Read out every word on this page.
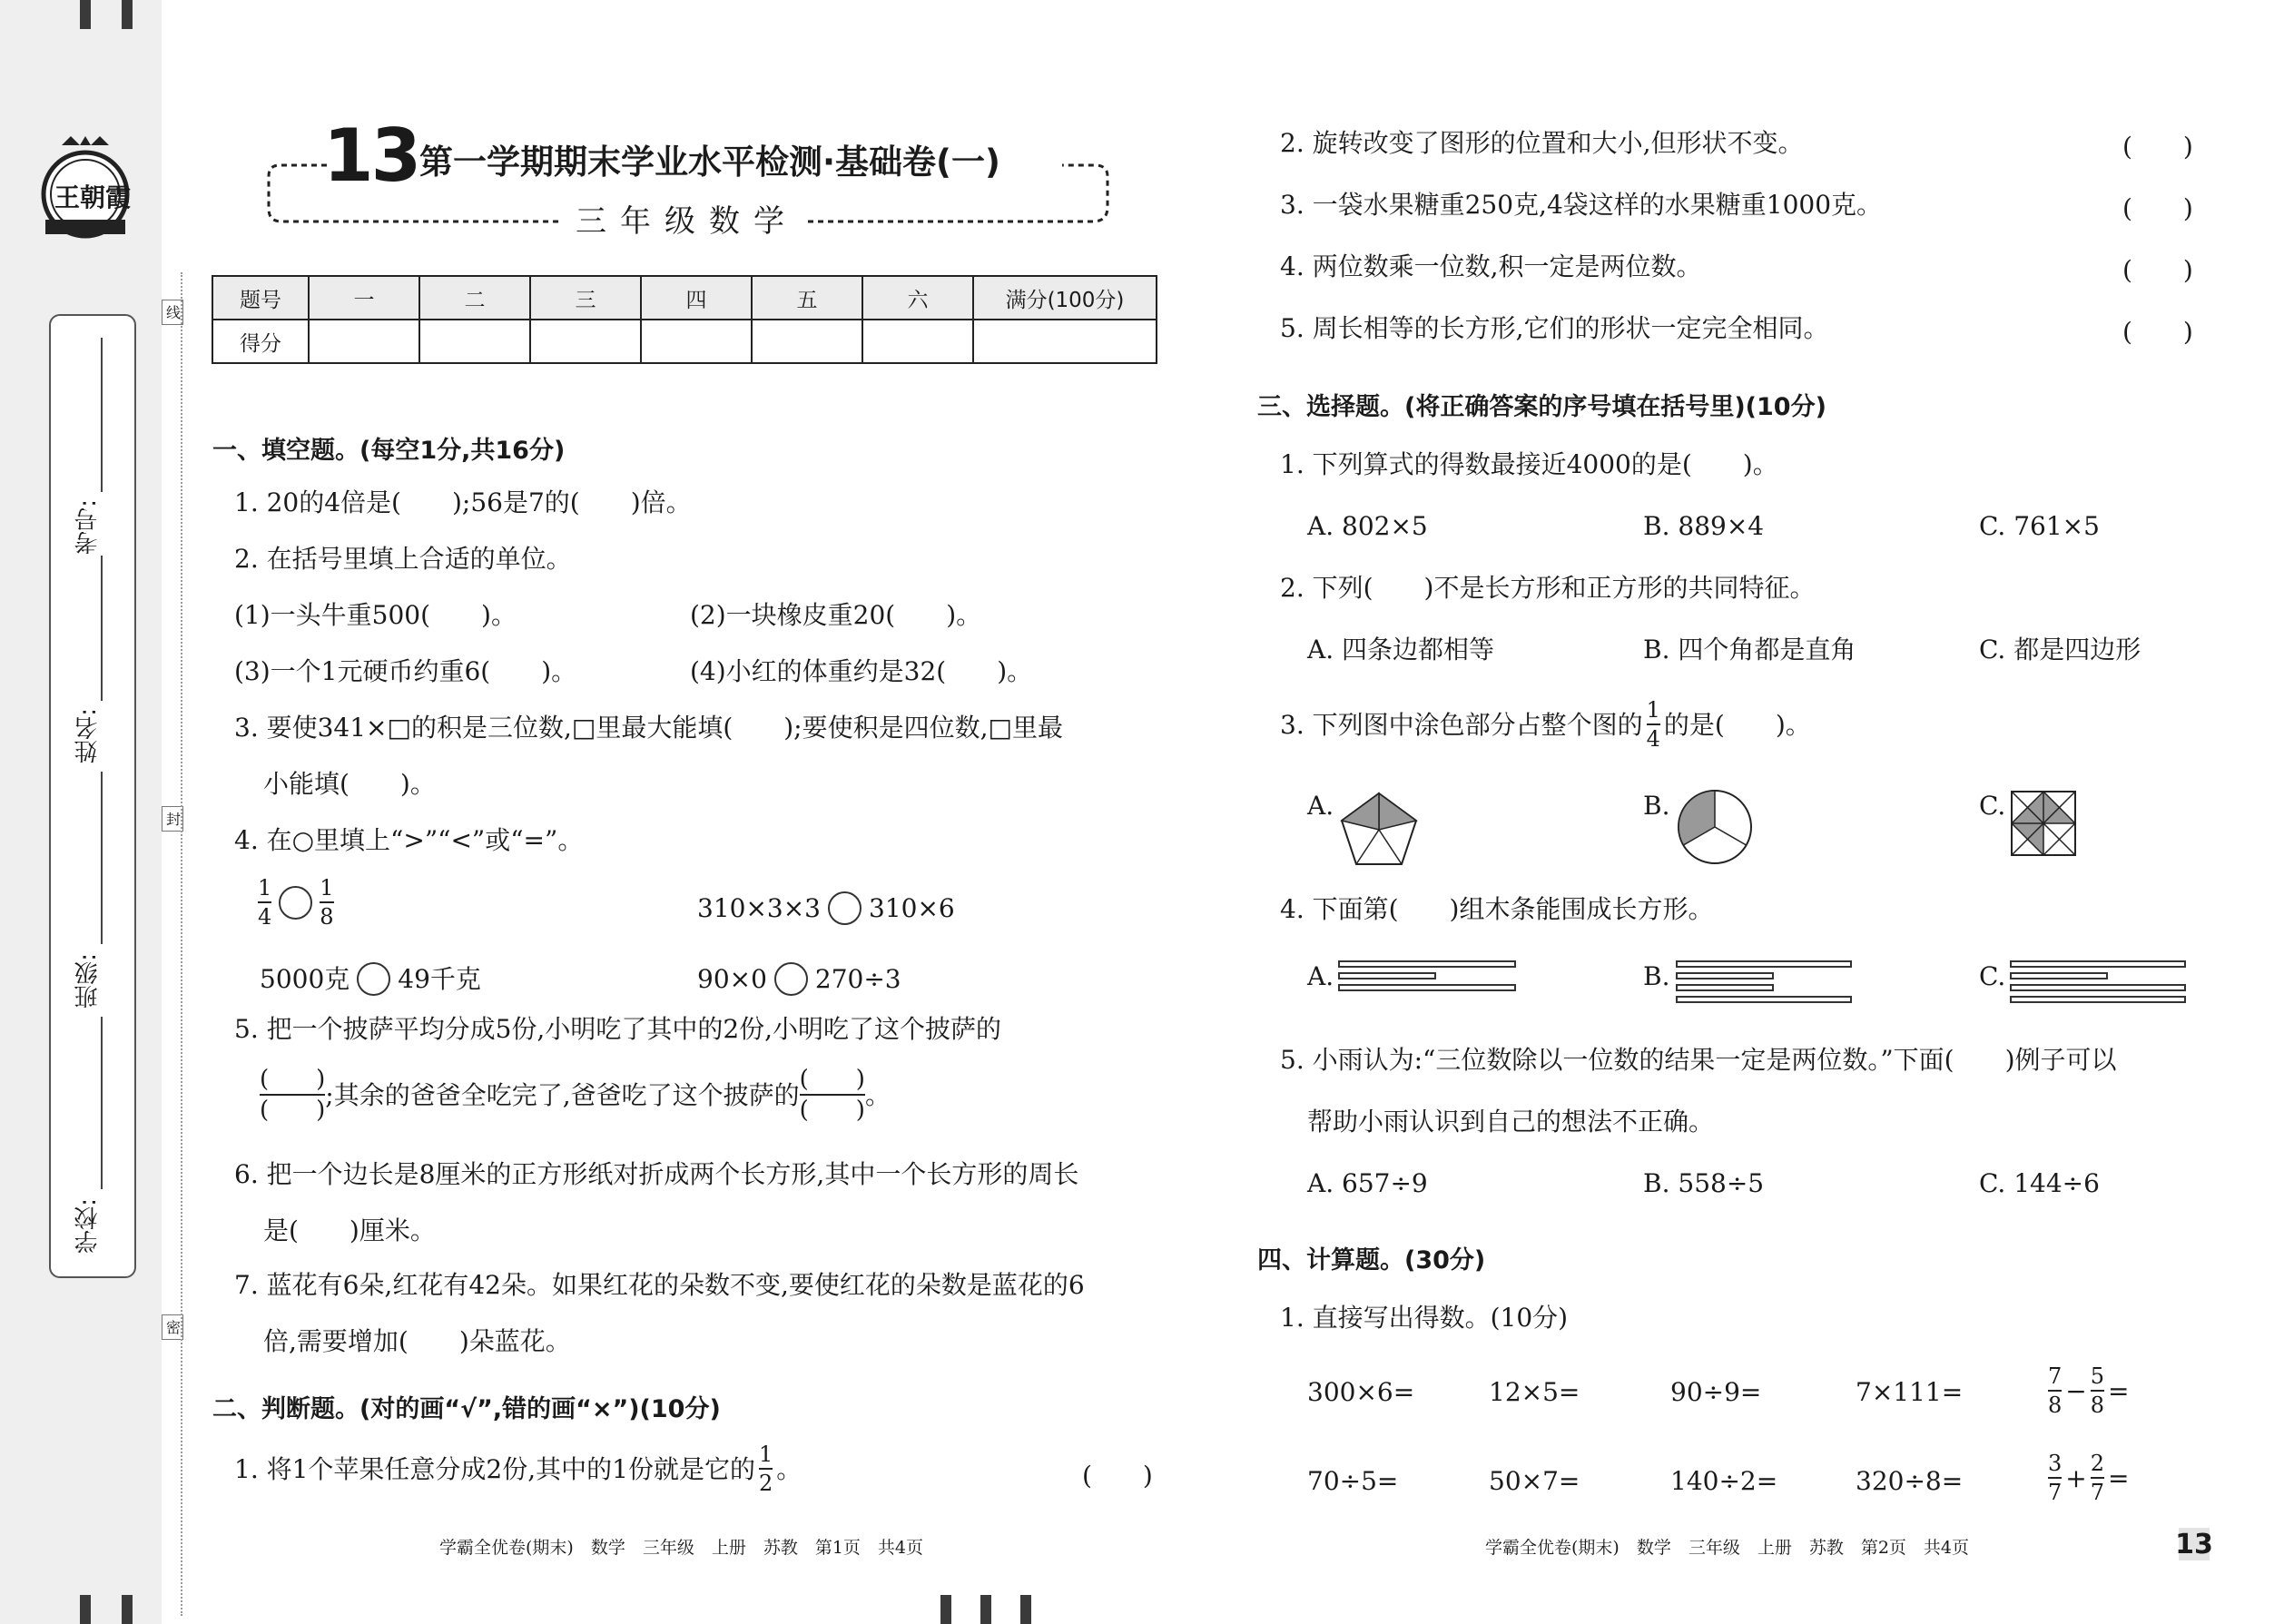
王朝霞
考号:
姓名:
班级:
学校:
线
封
密
13 第一学期期末学业水平检测·基础卷(一)
三年级数学
题号	一	二	三	四	五	六	满分(100分)
得分							
一、填空题。(每空1分,共16分)
1. 20的4倍是(　　);56是7的(　　)倍。
2. 在括号里填上合适的单位。
(1)一头牛重500(　　)。	(2)一块橡皮重20(　　)。
(3)一个1元硬币约重6(　　)。	(4)小红的体重约是32(　　)。
3. 要使341×□的积是三位数,□里最大能填(　　);要使积是四位数,□里最
小能填(　　)。
4. 在○里填上“>”“<”或“=”。
$\frac{1}{4} \frac{1}{8}$	310×3×3 310×6
5000克 49千克	90×0 270÷3
5. 把一个披萨平均分成5份,小明吃了其中的2份,小明吃了这个披萨的
$\frac{( )}{( )}$ ;其余的爸爸全吃完了,爸爸吃了这个披萨的 $\frac{( )}{( )}$ 。
6. 把一个边长是8厘米的正方形纸对折成两个长方形,其中一个长方形的周长
是(　　)厘米。
7. 蓝花有6朵,红花有42朵。如果红花的朵数不变,要使红花的朵数是蓝花的6
倍,需要增加(　　)朵蓝花。
二、判断题。(对的画“√”,错的画“×”)(10分)
1. 将1个苹果任意分成2份,其中的1份就是它的 $\frac{1}{2}$ 。	(　　)
学霸全优卷(期末)　数学　三年级　上册　苏教　第1页　共4页
2. 旋转改变了图形的位置和大小,但形状不变。	(　　)
3. 一袋水果糖重250克,4袋这样的水果糖重1000克。	(　　)
4. 两位数乘一位数,积一定是两位数。	(　　)
5. 周长相等的长方形,它们的形状一定完全相同。	(　　)
三、选择题。(将正确答案的序号填在括号里)(10分)
1. 下列算式的得数最接近4000的是(　　)。
A. 802×5	B. 889×4	C. 761×5
2. 下列(　　)不是长方形和正方形的共同特征。
A. 四条边都相等	B. 四个角都是直角	C. 都是四边形
3. 下列图中涂色部分占整个图的 $\frac{1}{4}$ 的是(　　)。
A.	B.	C.
4. 下面第(　　)组木条能围成长方形。
A.	B.	C.
5. 小雨认为:“三位数除以一位数的结果一定是两位数。”下面(　　)例子可以
帮助小雨认识到自己的想法不正确。
A. 657÷9	B. 558÷5	C. 144÷6
四、计算题。(30分)
1. 直接写出得数。(10分)
300×6=	12×5=	90÷9=	7×111=	$\frac{7}{8} - \frac{5}{8}$ =
70÷5=	50×7=	140÷2=	320÷8=	$\frac{3}{7} + \frac{2}{7}$ =
学霸全优卷(期末)　数学　三年级　上册　苏教　第2页　共4页	13
